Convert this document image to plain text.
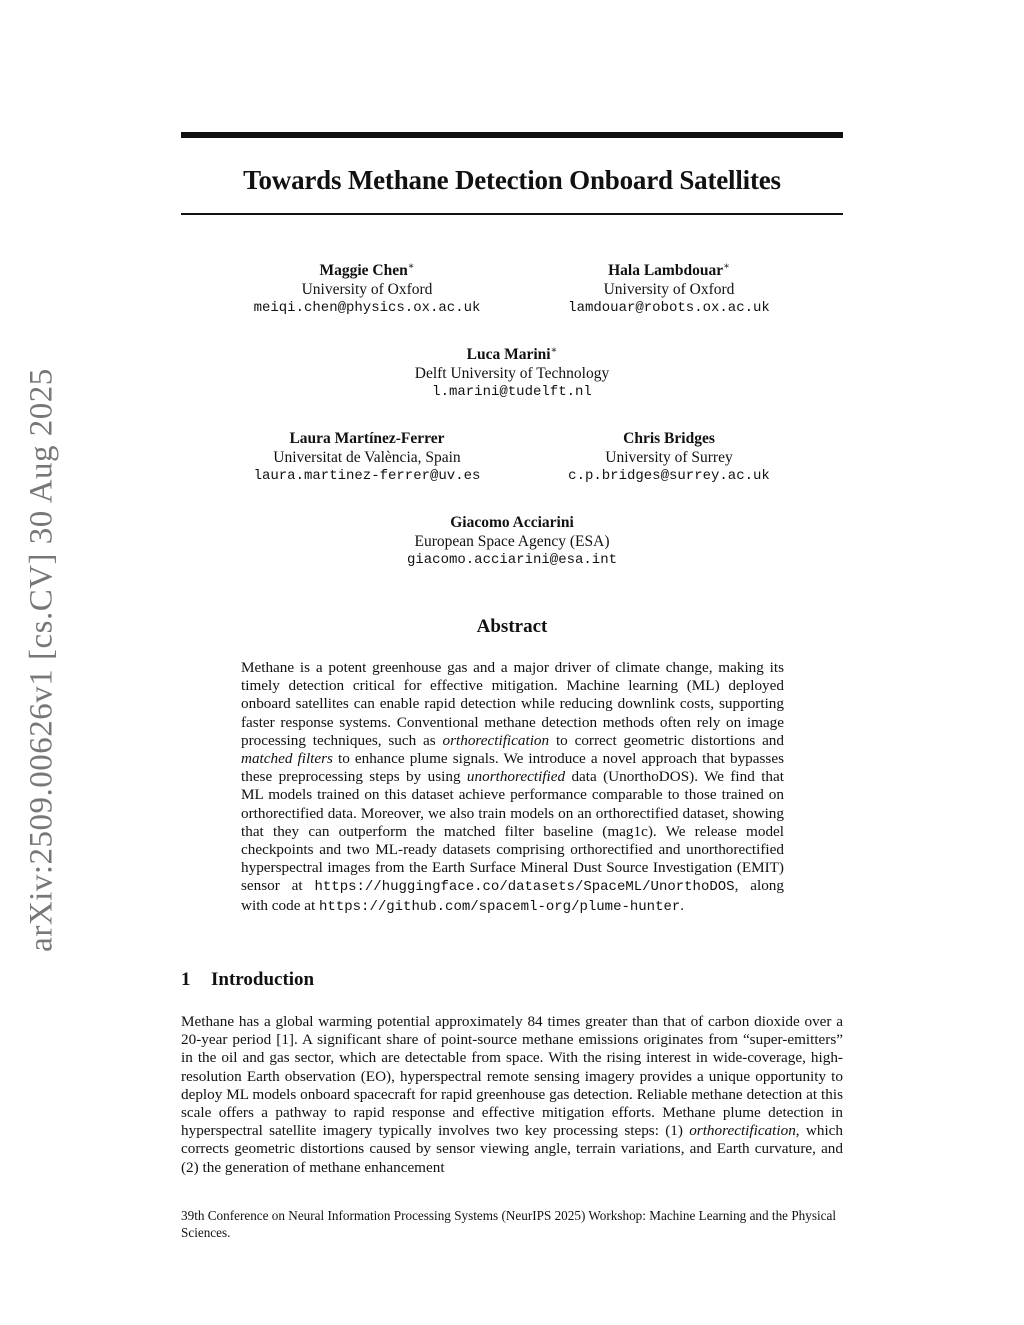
arXiv:2509.00626v1 [cs.CV] 30 Aug 2025
Towards Methane Detection Onboard Satellites
Maggie Chen∗
University of Oxford
meiqi.chen@physics.ox.ac.uk
Hala Lambdouar∗
University of Oxford
lamdouar@robots.ox.ac.uk
Luca Marini∗
Delft University of Technology
l.marini@tudelft.nl
Laura Martínez-Ferrer
Universitat de València, Spain
laura.martinez-ferrer@uv.es
Chris Bridges
University of Surrey
c.p.bridges@surrey.ac.uk
Giacomo Acciarini
European Space Agency (ESA)
giacomo.acciarini@esa.int
Abstract
Methane is a potent greenhouse gas and a major driver of climate change, making its timely detection critical for effective mitigation. Machine learning (ML) deployed onboard satellites can enable rapid detection while reducing downlink costs, supporting faster response systems. Conventional methane detection methods often rely on image processing techniques, such as orthorectification to correct geometric distortions and matched filters to enhance plume signals. We introduce a novel approach that bypasses these preprocessing steps by using unorthorectified data (UnorthoDOS). We find that ML models trained on this dataset achieve performance comparable to those trained on orthorectified data. Moreover, we also train models on an orthorectified dataset, showing that they can outperform the matched filter baseline (mag1c). We release model checkpoints and two ML-ready datasets comprising orthorectified and unorthorectified hyperspectral images from the Earth Surface Mineral Dust Source Investigation (EMIT) sensor at https://huggingface.co/datasets/SpaceML/UnorthoDOS, along with code at https://github.com/spaceml-org/plume-hunter.
1 Introduction
Methane has a global warming potential approximately 84 times greater than that of carbon dioxide over a 20-year period [1]. A significant share of point-source methane emissions originates from “super-emitters” in the oil and gas sector, which are detectable from space. With the rising interest in wide-coverage, high-resolution Earth observation (EO), hyperspectral remote sensing imagery provides a unique opportunity to deploy ML models onboard spacecraft for rapid greenhouse gas detection. Reliable methane detection at this scale offers a pathway to rapid response and effective mitigation efforts. Methane plume detection in hyperspectral satellite imagery typically involves two key processing steps: (1) orthorectification, which corrects geometric distortions caused by sensor viewing angle, terrain variations, and Earth curvature, and (2) the generation of methane enhancement
39th Conference on Neural Information Processing Systems (NeurIPS 2025) Workshop: Machine Learning and the Physical Sciences.
